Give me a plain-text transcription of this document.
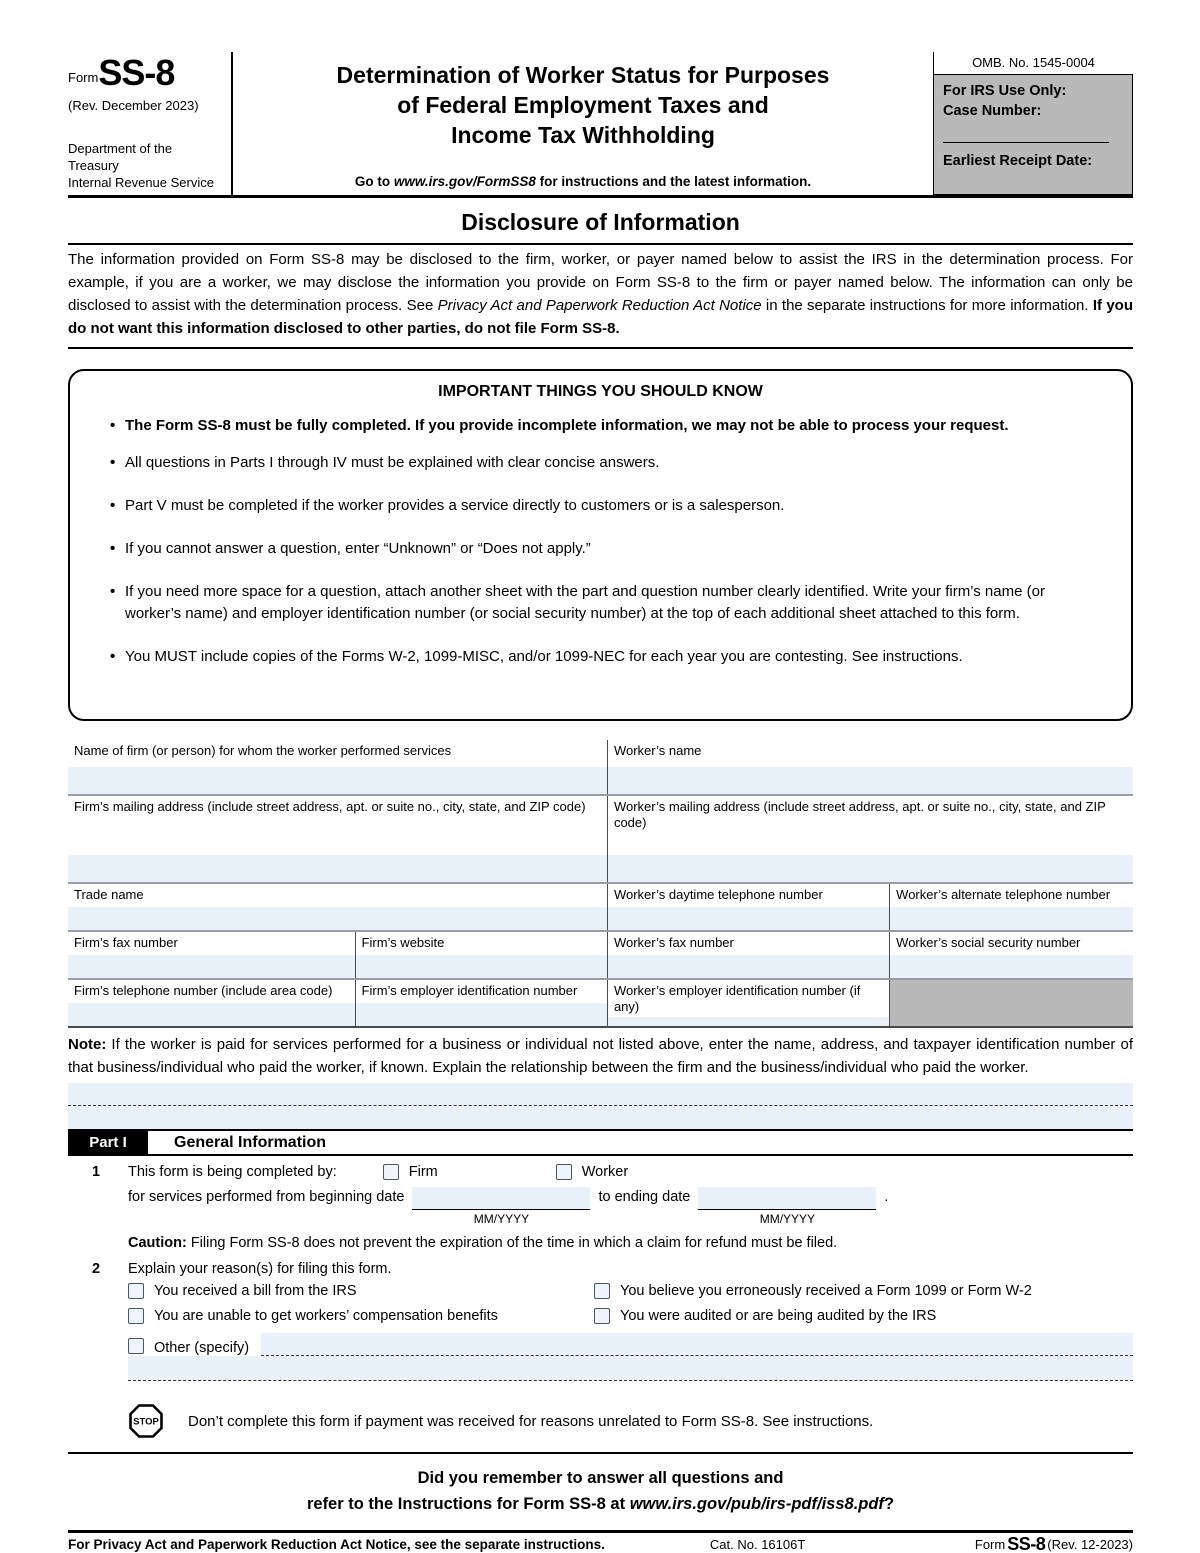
Form SS-8
(Rev. December 2023)
Department of the Treasury
Internal Revenue Service
Determination of Worker Status for Purposes
of Federal Employment Taxes and
Income Tax Withholding
Go to www.irs.gov/FormSS8 for instructions and the latest information.
OMB. No. 1545-0004
For IRS Use Only:
Case Number:
Earliest Receipt Date:
Disclosure of Information
The information provided on Form SS-8 may be disclosed to the firm, worker, or payer named below to assist the IRS in the determination process. For example, if you are a worker, we may disclose the information you provide on Form SS-8 to the firm or payer named below. The information can only be disclosed to assist with the determination process. See Privacy Act and Paperwork Reduction Act Notice in the separate instructions for more information. If you do not want this information disclosed to other parties, do not file Form SS-8.
IMPORTANT THINGS YOU SHOULD KNOW
• The Form SS-8 must be fully completed. If you provide incomplete information, we may not be able to process your request.
• All questions in Parts I through IV must be explained with clear concise answers.
• Part V must be completed if the worker provides a service directly to customers or is a salesperson.
• If you cannot answer a question, enter “Unknown” or “Does not apply.”
• If you need more space for a question, attach another sheet with the part and question number clearly identified. Write your firm’s name (or worker’s name) and employer identification number (or social security number) at the top of each additional sheet attached to this form.
• You MUST include copies of the Forms W-2, 1099-MISC, and/or 1099-NEC for each year you are contesting. See instructions.
Name of firm (or person) for whom the worker performed services	Worker’s name
Firm’s mailing address (include street address, apt. or suite no., city, state, and ZIP code)	Worker’s mailing address (include street address, apt. or suite no., city, state, and ZIP code)
Trade name	Worker’s daytime telephone number	Worker’s alternate telephone number
Firm’s fax number	Firm’s website	Worker’s fax number	Worker’s social security number
Firm’s telephone number (include area code)	Firm’s employer identification number	Worker’s employer identification number (if any)
Note: If the worker is paid for services performed for a business or individual not listed above, enter the name, address, and taxpayer identification number of that business/individual who paid the worker, if known. Explain the relationship between the firm and the business/individual who paid the worker.
Part I	General Information
1	This form is being completed by:	Firm	Worker
for services performed from beginning date
MM/YYYY
to ending date
MM/YYYY
.
Caution: Filing Form SS-8 does not prevent the expiration of the time in which a claim for refund must be filed.
2	Explain your reason(s) for filing this form.
You received a bill from the IRS	You believe you erroneously received a Form 1099 or Form W-2
You are unable to get workers’ compensation benefits	You were audited or are being audited by the IRS
Other (specify)
STOP Don’t complete this form if payment was received for reasons unrelated to Form SS-8. See instructions.
Did you remember to answer all questions and
refer to the Instructions for Form SS-8 at www.irs.gov/pub/irs-pdf/iss8.pdf?
For Privacy Act and Paperwork Reduction Act Notice, see the separate instructions.	Cat. No. 16106T	Form SS-8 (Rev. 12-2023)
